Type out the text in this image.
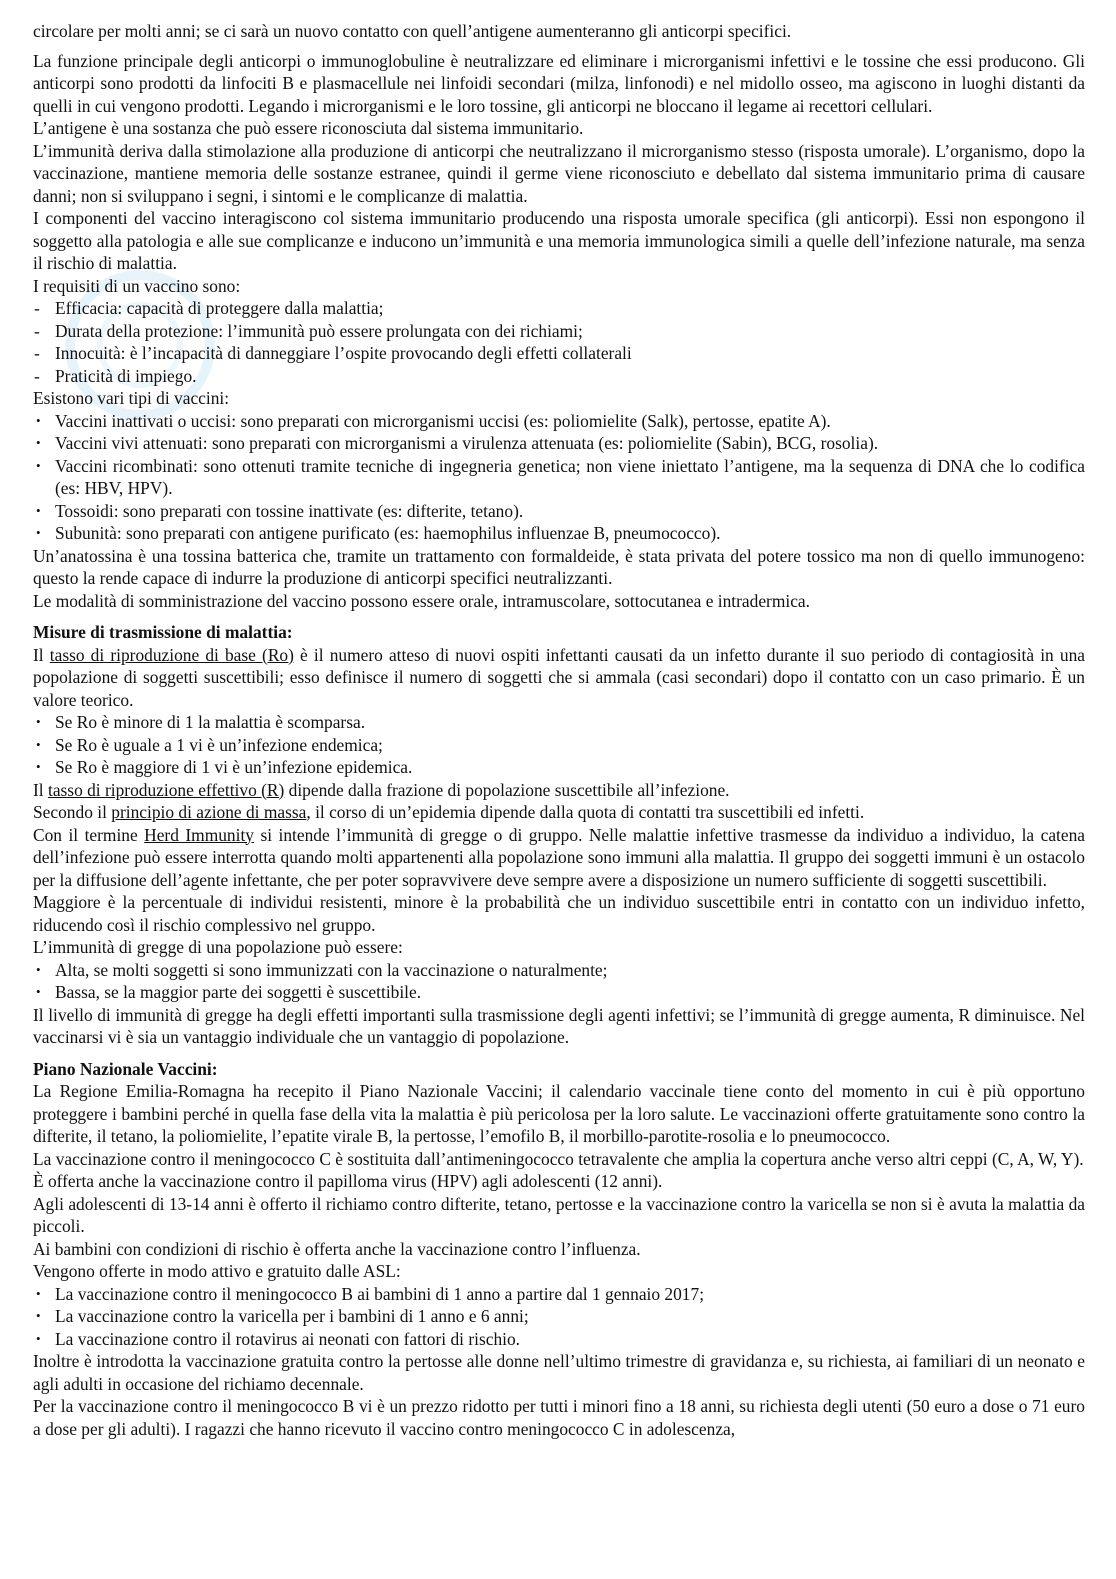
circolare per molti anni; se ci sarà un nuovo contatto con quell’antigene aumenteranno gli anticorpi specifici.

La funzione principale degli anticorpi o immunoglobuline è neutralizzare ed eliminare i microrganismi infettivi e le tossine che essi producono. Gli anticorpi sono prodotti da linfociti B e plasmacellule nei linfoidi secondari (milza, linfonodi) e nel midollo osseo, ma agiscono in luoghi distanti da quelli in cui vengono prodotti. Legando i microrganismi e le loro tossine, gli anticorpi ne bloccano il legame ai recettori cellulari.

L’antigene è una sostanza che può essere riconosciuta dal sistema immunitario.

L’immunità deriva dalla stimolazione alla produzione di anticorpi che neutralizzano il microrganismo stesso (risposta umorale). L’organismo, dopo la vaccinazione, mantiene memoria delle sostanze estranee, quindi il germe viene riconosciuto e debellato dal sistema immunitario prima di causare danni; non si sviluppano i segni, i sintomi e le complicanze di malattia.

I componenti del vaccino interagiscono col sistema immunitario producendo una risposta umorale specifica (gli anticorpi). Essi non espongono il soggetto alla patologia e alle sue complicanze e inducono un’immunità e una memoria immunologica simili a quelle dell’infezione naturale, ma senza il rischio di malattia.

I requisiti di un vaccino sono:

- Efficacia: capacità di proteggere dalla malattia;
- Durata della protezione: l’immunità può essere prolungata con dei richiami;
- Innocuità: è l’incapacità di danneggiare l’ospite provocando degli effetti collaterali
- Praticità di impiego.

Esistono vari tipi di vaccini:

• Vaccini inattivati o uccisi: sono preparati con microrganismi uccisi (es: poliomielite (Salk), pertosse, epatite A).
• Vaccini vivi attenuati: sono preparati con microrganismi a virulenza attenuata (es: poliomielite (Sabin), BCG, rosolia).
• Vaccini ricombinati: sono ottenuti tramite tecniche di ingegneria genetica; non viene iniettato l’antigene, ma la sequenza di DNA che lo codifica (es: HBV, HPV).
• Tossoidi: sono preparati con tossine inattivate (es: difterite, tetano).
• Subunità: sono preparati con antigene purificato (es: haemophilus influenzae B, pneumococco).

Un’anatossina è una tossina batterica che, tramite un trattamento con formaldeide, è stata privata del potere tossico ma non di quello immunogeno: questo la rende capace di indurre la produzione di anticorpi specifici neutralizzanti.

Le modalità di somministrazione del vaccino possono essere orale, intramuscolare, sottocutanea e intradermica.

Misure di trasmissione di malattia:

Il tasso di riproduzione di base (Ro) è il numero atteso di nuovi ospiti infettanti causati da un infetto durante il suo periodo di contagiosità in una popolazione di soggetti suscettibili; esso definisce il numero di soggetti che si ammala (casi secondari) dopo il contatto con un caso primario. È un valore teorico.

• Se Ro è minore di 1 la malattia è scomparsa.
• Se Ro è uguale a 1 vi è un’infezione endemica;
• Se Ro è maggiore di 1 vi è un’infezione epidemica.

Il tasso di riproduzione effettivo (R) dipende dalla frazione di popolazione suscettibile all’infezione.

Secondo il principio di azione di massa, il corso di un’epidemia dipende dalla quota di contatti tra suscettibili ed infetti.

Con il termine Herd Immunity si intende l’immunità di gregge o di gruppo. Nelle malattie infettive trasmesse da individuo a individuo, la catena dell’infezione può essere interrotta quando molti appartenenti alla popolazione sono immuni alla malattia. Il gruppo dei soggetti immuni è un ostacolo per la diffusione dell’agente infettante, che per poter sopravvivere deve sempre avere a disposizione un numero sufficiente di soggetti suscettibili.

Maggiore è la percentuale di individui resistenti, minore è la probabilità che un individuo suscettibile entri in contatto con un individuo infetto, riducendo così il rischio complessivo nel gruppo.

L’immunità di gregge di una popolazione può essere:

• Alta, se molti soggetti si sono immunizzati con la vaccinazione o naturalmente;
• Bassa, se la maggior parte dei soggetti è suscettibile.

Il livello di immunità di gregge ha degli effetti importanti sulla trasmissione degli agenti infettivi; se l’immunità di gregge aumenta, R diminuisce. Nel vaccinarsi vi è sia un vantaggio individuale che un vantaggio di popolazione.

Piano Nazionale Vaccini:

La Regione Emilia-Romagna ha recepito il Piano Nazionale Vaccini; il calendario vaccinale tiene conto del momento in cui è più opportuno proteggere i bambini perché in quella fase della vita la malattia è più pericolosa per la loro salute. Le vaccinazioni offerte gratuitamente sono contro la difterite, il tetano, la poliomielite, l’epatite virale B, la pertosse, l’emofilo B, il morbillo-parotite-rosolia e lo pneumococco.

La vaccinazione contro il meningococco C è sostituita dall’antimeningococco tetravalente che amplia la copertura anche verso altri ceppi (C, A, W, Y).

È offerta anche la vaccinazione contro il papilloma virus (HPV) agli adolescenti (12 anni).

Agli adolescenti di 13-14 anni è offerto il richiamo contro difterite, tetano, pertosse e la vaccinazione contro la varicella se non si è avuta la malattia da piccoli.

Ai bambini con condizioni di rischio è offerta anche la vaccinazione contro l’influenza.

Vengono offerte in modo attivo e gratuito dalle ASL:

• La vaccinazione contro il meningococco B ai bambini di 1 anno a partire dal 1 gennaio 2017;
• La vaccinazione contro la varicella per i bambini di 1 anno e 6 anni;
• La vaccinazione contro il rotavirus ai neonati con fattori di rischio.

Inoltre è introdotta la vaccinazione gratuita contro la pertosse alle donne nell’ultimo trimestre di gravidanza e, su richiesta, ai familiari di un neonato e agli adulti in occasione del richiamo decennale.

Per la vaccinazione contro il meningococco B vi è un prezzo ridotto per tutti i minori fino a 18 anni, su richiesta degli utenti (50 euro a dose o 71 euro a dose per gli adulti). I ragazzi che hanno ricevuto il vaccino contro meningococco C in adolescenza,
